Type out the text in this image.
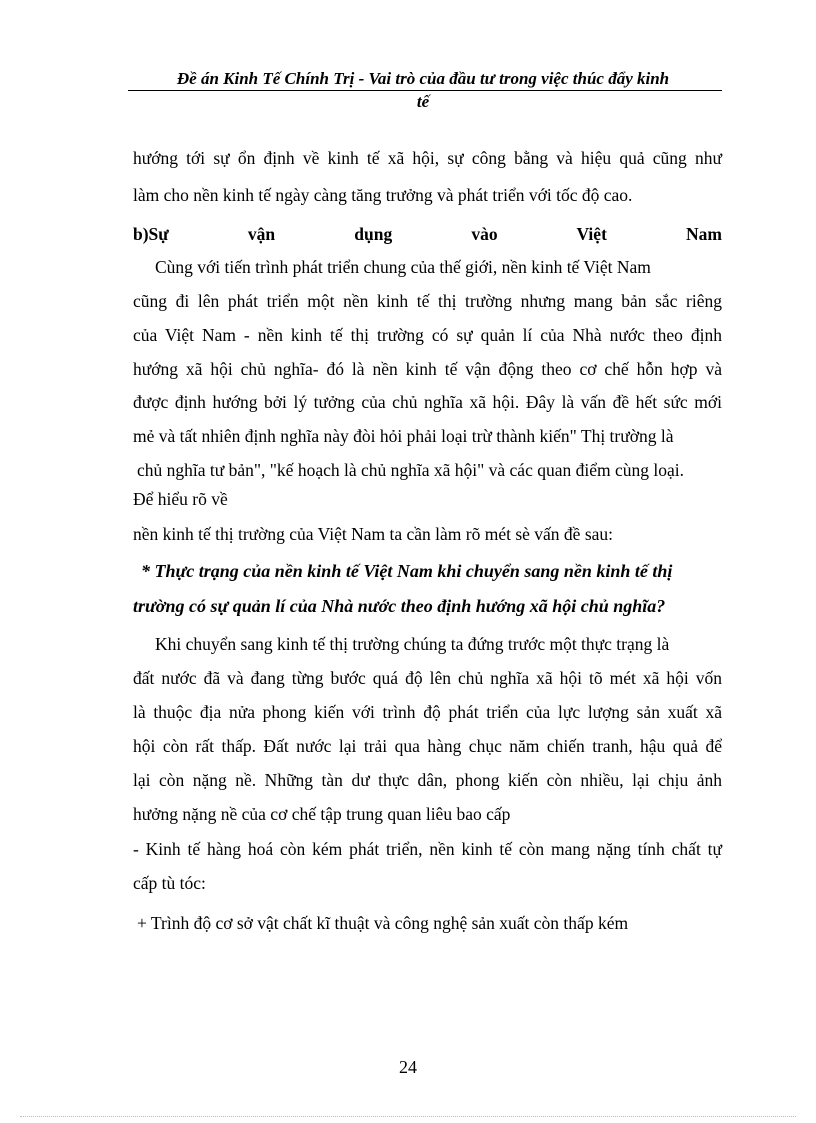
Đề án Kinh Tế Chính Trị - Vai trò của đầu tư trong việc thúc đẩy kinh
tế
hướng tới sự ổn định về kinh tế xã hội, sự công bằng và hiệu quả cũng như
làm cho nền kinh tế ngày càng tăng trưởng và phát triển với tốc độ cao.
b)Sự vận dụng vào Việt Nam
Cùng với tiến trình phát triển chung của thế giới, nền kinh tế Việt Nam
cũng đi lên phát triển một nền kinh tế thị trường nhưng mang bản sắc riêng
của Việt Nam - nền kinh tế thị trường có sự quản lí của Nhà nước theo định
hướng xã hội chủ nghĩa- đó là nền kinh tế vận động theo cơ chế hỗn hợp và
được định hướng bởi lý tưởng của chủ nghĩa xã hội. Đây là vấn đề hết sức mới
mẻ và tất nhiên định nghĩa này đòi hỏi phải loại trừ thành kiến" Thị trường là
chủ nghĩa tư bản", "kế hoạch là chủ nghĩa xã hội" và các quan điểm cùng loại.
Để hiểu rõ về
nền kinh tế thị trường của Việt Nam ta cần làm rõ mét sè vấn đề sau:
* Thực trạng của nền kinh tế Việt Nam khi chuyển sang nền kinh tế thị
trường có sự quản lí của Nhà nước theo định hướng xã hội chủ nghĩa?
Khi chuyển sang kinh tế thị trường chúng ta đứng trước một thực trạng là
đất nước đã và đang từng bước quá độ lên chủ nghĩa xã hội tõ mét xã hội vốn
là thuộc địa nửa phong kiến với trình độ phát triển của lực lượng sản xuất xã
hội còn rất thấp. Đất nước lại trải qua hàng chục năm chiến tranh, hậu quả để
lại còn nặng nề. Những tàn dư thực dân, phong kiến còn nhiều, lại chịu ảnh
hưởng nặng nề của cơ chế tập trung quan liêu bao cấp
- Kinh tế hàng hoá còn kém phát triển, nền kinh tế còn mang nặng tính chất tự
cấp tù tóc:
+ Trình độ cơ sở vật chất kĩ thuật và công nghệ sản xuất còn thấp kém
24
